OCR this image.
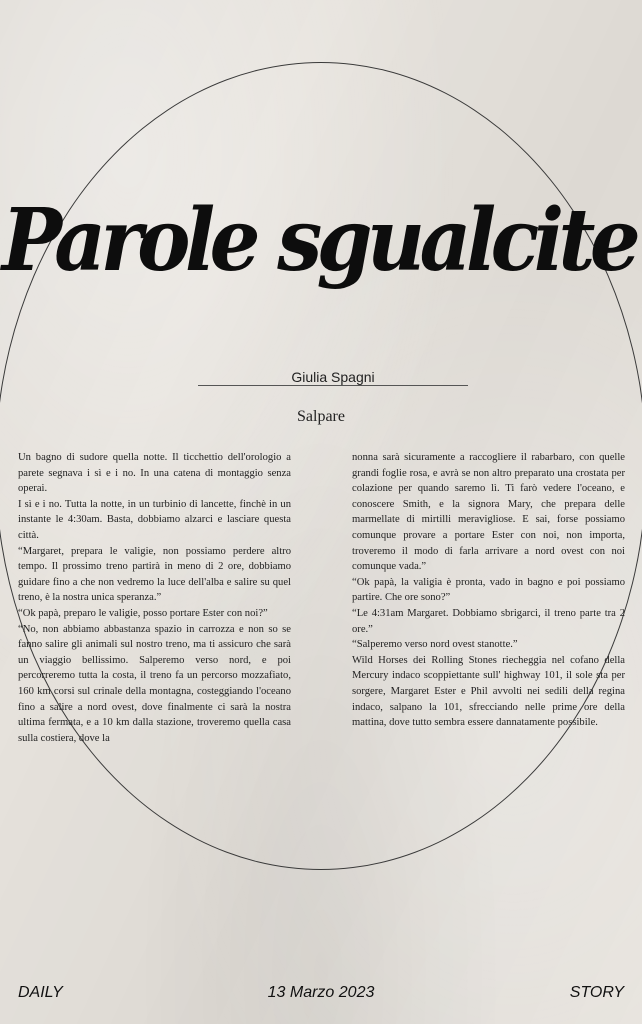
Parole sgualcite
Giulia Spagni
Salpare

Un bagno di sudore quella notte. Il ticchettio dell'orologio a parete segnava i sì e i no. In una catena di montaggio senza operai.

I sì e i no. Tutta la notte, in un turbinio di lancette, finchè in un instante le 4:30am. Basta, dobbiamo alzarci e lasciare questa città.

“Margaret, prepara le valigie, non possiamo perdere altro tempo. Il prossimo treno partirà in meno di 2 ore, dobbiamo guidare fino a che non vedremo la luce dell'alba e salire su quel treno, è la nostra unica speranza.”

“Ok papà, preparo le valigie, posso portare Ester con noi?”

“No, non abbiamo abbastanza spazio in carrozza e non so se fanno salire gli animali sul nostro treno, ma ti assicuro che sarà un viaggio bellissimo. Salperemo verso nord, e poi percorreremo tutta la costa, il treno fa un percorso mozzafiato, 160 km corsi sul crinale della montagna, costeggiando l'oceano fino a salire a nord ovest, dove finalmente ci sarà la nostra ultima fermata, e a 10 km dalla stazione, troveremo quella casa sulla costiera, dove la

nonna sarà sicuramente a raccogliere il rabarbaro, con quelle grandi foglie rosa, e avrà se non altro preparato una crostata per colazione per quando saremo lì. Ti farò vedere l'oceano, e conoscere Smith, e la signora Mary, che prepara delle marmellate di mirtilli meravigliose. E sai, forse possiamo comunque provare a portare Ester con noi, non importa, troveremo il modo di farla arrivare a nord ovest con noi comunque vada.”

“Ok papà, la valigia è pronta, vado in bagno e poi possiamo partire. Che ore sono?”

“Le 4:31am Margaret. Dobbiamo sbrigarci, il treno parte tra 2 ore.”

“Salperemo verso nord ovest stanotte.”

Wild Horses dei Rolling Stones riecheggia nel cofano della Mercury indaco scoppiettante sull' highway 101, il sole sta per sorgere, Margaret Ester e Phil avvolti nei sedili della regina indaco, salpano la 101, sfrecciando nelle prime ore della mattina, dove tutto sembra essere dannatamente possibile.

DAILY	13 Marzo 2023	STORY
